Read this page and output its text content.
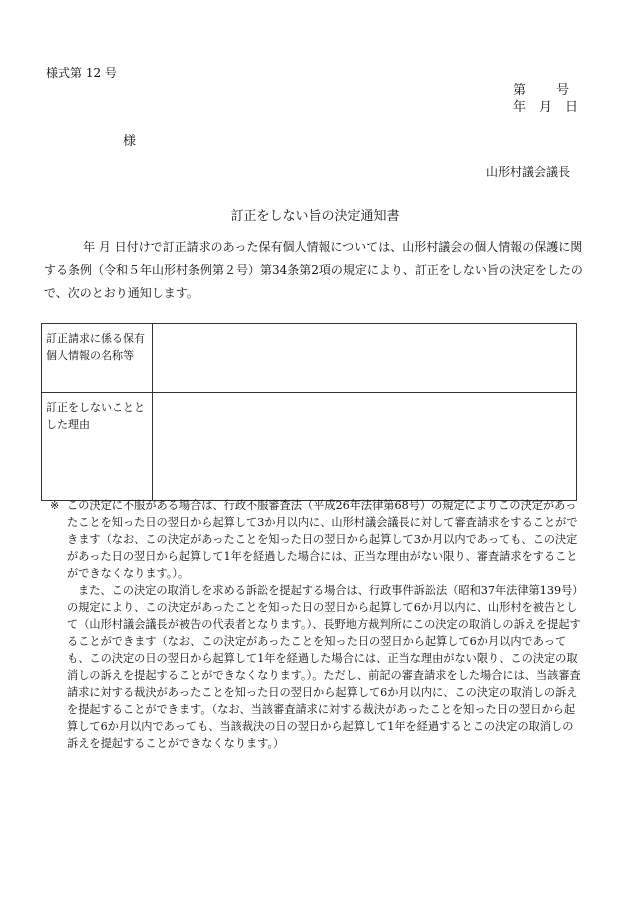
様式第 12 号
第　　 号
年　月　日
様
山形村議会議長
訂正をしない旨の決定通知書
年 月 日付けで訂正請求のあった保有個人情報については、山形村議会の個人情報の保護に関する条例（令和５年山形村条例第２号）第34条第2項の規定により、訂正をしない旨の決定をしたので、次のとおり通知します。
訂正請求に係る保有個人情報の名称等	

訂正をしないこととした理由	

※ この決定に不服がある場合は、行政不服審査法（平成26年法律第68号）の規定によりこの決定があったことを知った日の翌日から起算して3か月以内に、山形村議会議長に対して審査請求をすることができます（なお、この決定があったことを知った日の翌日から起算して3か月以内であっても、この決定があった日の翌日から起算して1年を経過した場合には、正当な理由がない限り、審査請求をすることができなくなります。）。
また、この決定の取消しを求める訴訟を提起する場合は、行政事件訴訟法（昭和37年法律第139号）の規定により、この決定があったことを知った日の翌日から起算して6か月以内に、山形村を被告として（山形村議会議長が被告の代表者となります。）、長野地方裁判所にこの決定の取消しの訴えを提起することができます（なお、この決定があったことを知った日の翌日から起算して6か月以内であっても、この決定の日の翌日から起算して1年を経過した場合には、正当な理由がない限り、この決定の取消しの訴えを提起することができなくなります。）。ただし、前記の審査請求をした場合には、当該審査請求に対する裁決があったことを知った日の翌日から起算して6か月以内に、この決定の取消しの訴えを提起することができます。（なお、当該審査請求に対する裁決があったことを知った日の翌日から起算して6か月以内であっても、当該裁決の日の翌日から起算して1年を経過するとこの決定の取消しの訴えを提起することができなくなります。）
